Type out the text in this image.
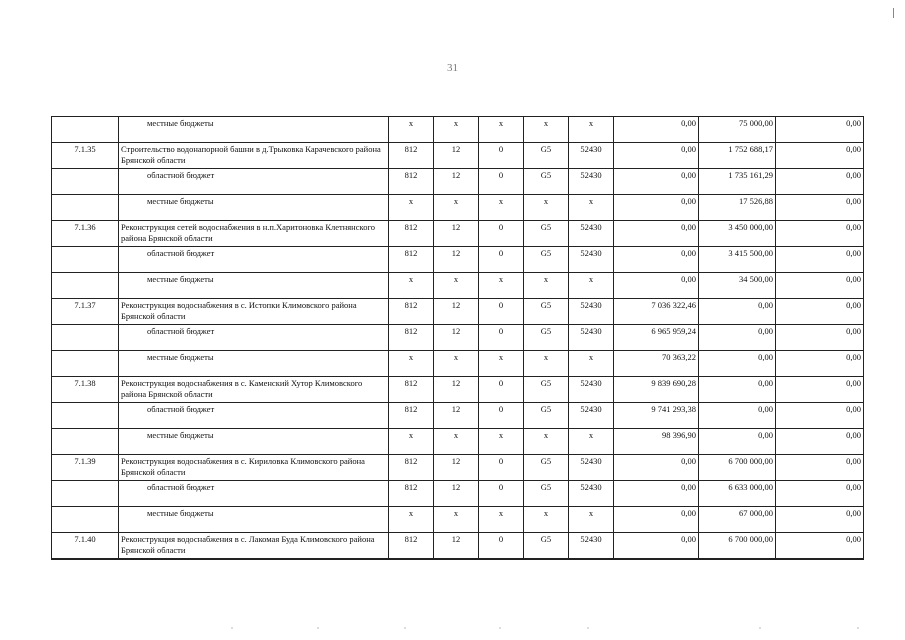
31
	местные бюджеты	х	х	х	х	х	0,00	75 000,00	0,00
7.1.35	Строительство водонапорной башни в д.Трыковка Карачевского района Брянской области	812	12	0	G5	52430	0,00	1 752 688,17	0,00
	областной бюджет	812	12	0	G5	52430	0,00	1 735 161,29	0,00
	местные бюджеты	х	х	х	х	х	0,00	17 526,88	0,00
7.1.36	Реконструкция сетей водоснабжения в н.п.Харитоновка Клетнянского района Брянской области	812	12	0	G5	52430	0,00	3 450 000,00	0,00
	областной бюджет	812	12	0	G5	52430	0,00	3 415 500,00	0,00
	местные бюджеты	х	х	х	х	х	0,00	34 500,00	0,00
7.1.37	Реконструкция водоснабжения в с. Истопки Климовского района Брянской области	812	12	0	G5	52430	7 036 322,46	0,00	0,00
	областной бюджет	812	12	0	G5	52430	6 965 959,24	0,00	0,00
	местные бюджеты	х	х	х	х	х	70 363,22	0,00	0,00
7.1.38	Реконструкция водоснабжения в с. Каменский Хутор Климовского района Брянской области	812	12	0	G5	52430	9 839 690,28	0,00	0,00
	областной бюджет	812	12	0	G5	52430	9 741 293,38	0,00	0,00
	местные бюджеты	х	х	х	х	х	98 396,90	0,00	0,00
7.1.39	Реконструкция водоснабжения в с. Кириловка Климовского района Брянской области	812	12	0	G5	52430	0,00	6 700 000,00	0,00
	областной бюджет	812	12	0	G5	52430	0,00	6 633 000,00	0,00
	местные бюджеты	х	х	х	х	х	0,00	67 000,00	0,00
7.1.40	Реконструкция водоснабжения в с. Лакомая Буда Климовского района Брянской области	812	12	0	G5	52430	0,00	6 700 000,00	0,00
